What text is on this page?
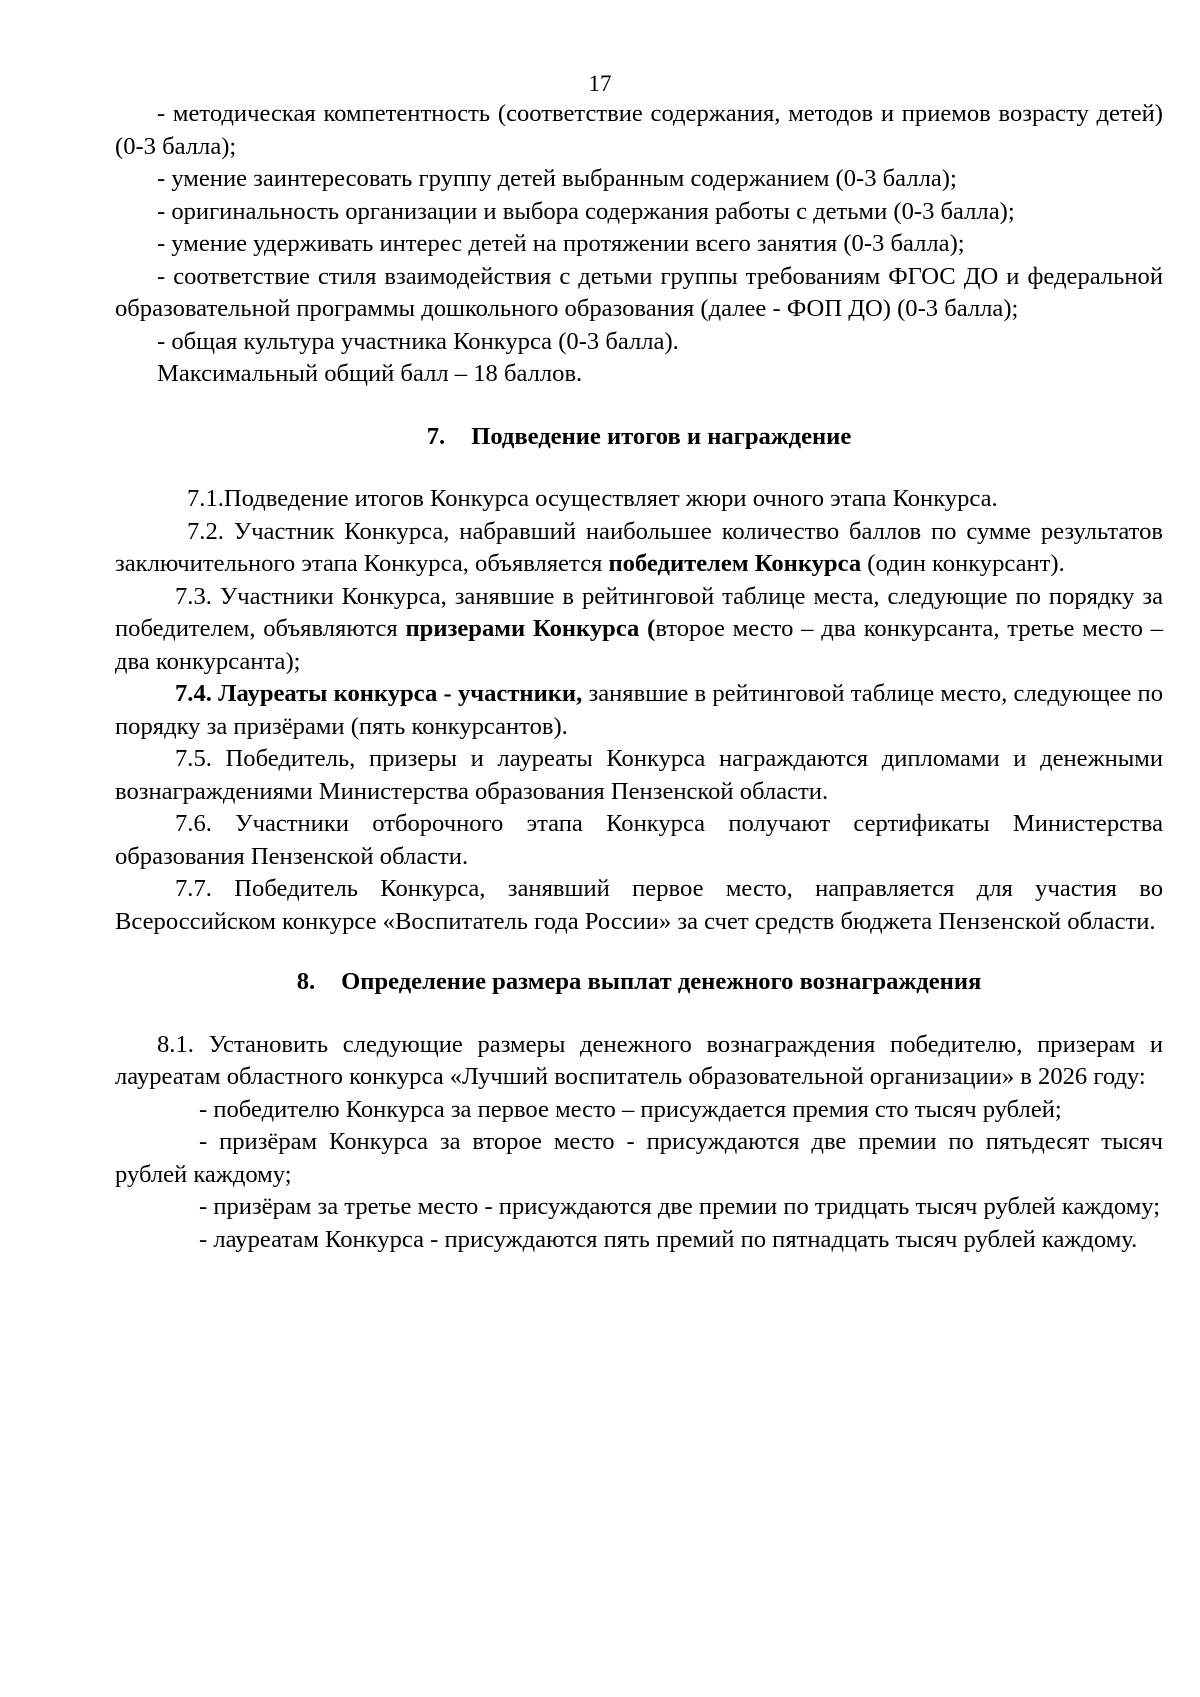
17

- методическая компетентность (соответствие содержания, методов и приемов возрасту детей) (0-3 балла);

- умение заинтересовать группу детей выбранным содержанием (0-3 балла);

- оригинальность организации и выбора содержания работы с детьми (0-3 балла);

- умение удерживать интерес детей на протяжении всего занятия (0-3 балла);

- соответствие стиля взаимодействия с детьми группы требованиям ФГОС ДО и федеральной образовательной программы дошкольного образования (далее - ФОП ДО) (0-3 балла);

- общая культура участника Конкурса (0-3 балла).

Максимальный общий балл – 18 баллов.

7. Подведение итогов и награждение

7.1.Подведение итогов Конкурса осуществляет жюри очного этапа Конкурса.

7.2. Участник Конкурса, набравший наибольшее количество баллов по сумме результатов заключительного этапа Конкурса, объявляется победителем Конкурса (один конкурсант).

7.3. Участники Конкурса, занявшие в рейтинговой таблице места, следующие по порядку за победителем, объявляются призерами Конкурса (второе место – два конкурсанта, третье место – два конкурсанта);

7.4. Лауреаты конкурса - участники, занявшие в рейтинговой таблице место, следующее по порядку за призёрами (пять конкурсантов).

7.5. Победитель, призеры и лауреаты Конкурса награждаются дипломами и денежными вознаграждениями Министерства образования Пензенской области.

7.6. Участники отборочного этапа Конкурса получают сертификаты Министерства образования Пензенской области.

7.7. Победитель Конкурса, занявший первое место, направляется для участия во Всероссийском конкурсе «Воспитатель года России» за счет средств бюджета Пензенской области.

8. Определение размера выплат денежного вознаграждения

8.1. Установить следующие размеры денежного вознаграждения победителю, призерам и лауреатам областного конкурса «Лучший воспитатель образовательной организации» в 2026 году:

- победителю Конкурса за первое место – присуждается премия сто тысяч рублей;

- призёрам Конкурса за второе место - присуждаются две премии по пятьдесят тысяч рублей каждому;

- призёрам за третье место - присуждаются две премии по тридцать тысяч рублей каждому;

- лауреатам Конкурса - присуждаются пять премий по пятнадцать тысяч рублей каждому.
